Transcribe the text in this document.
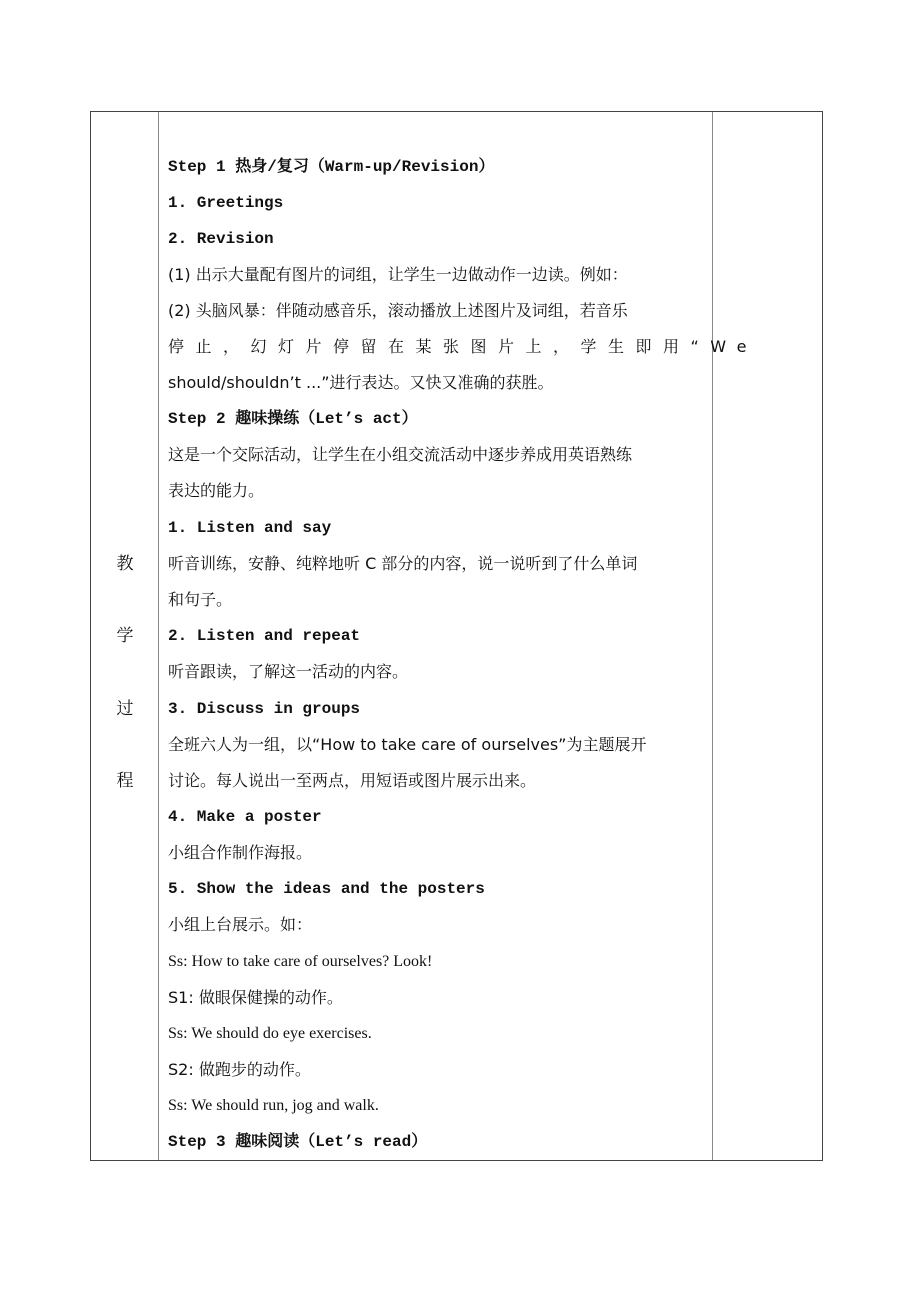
教
学
过
程
Step 1 热身/复习（Warm-up/Revision）
1. Greetings
2. Revision
(1) 出示大量配有图片的词组，让学生一边做动作一边读。例如：
(2) 头脑风暴：伴随动感音乐，滚动播放上述图片及词组，若音乐
停止，幻灯片停留在某张图片上，学生即用“We
should/shouldn’t ...”进行表达。又快又准确的获胜。
Step 2 趣味操练（Let’s act）
这是一个交际活动，让学生在小组交流活动中逐步养成用英语熟练
表达的能力。
1. Listen and say
听音训练，安静、纯粹地听 C 部分的内容，说一说听到了什么单词
和句子。
2. Listen and repeat
听音跟读，了解这一活动的内容。
3. Discuss in groups
全班六人为一组，以“How to take care of ourselves”为主题展开
讨论。每人说出一至两点，用短语或图片展示出来。
4. Make a poster
小组合作制作海报。
5. Show the ideas and the posters
小组上台展示。如：
Ss: How to take care of ourselves? Look!
S1: 做眼保健操的动作。
Ss: We should do eye exercises.
S2: 做跑步的动作。
Ss: We should run, jog and walk.
Step 3 趣味阅读（Let’s read）
